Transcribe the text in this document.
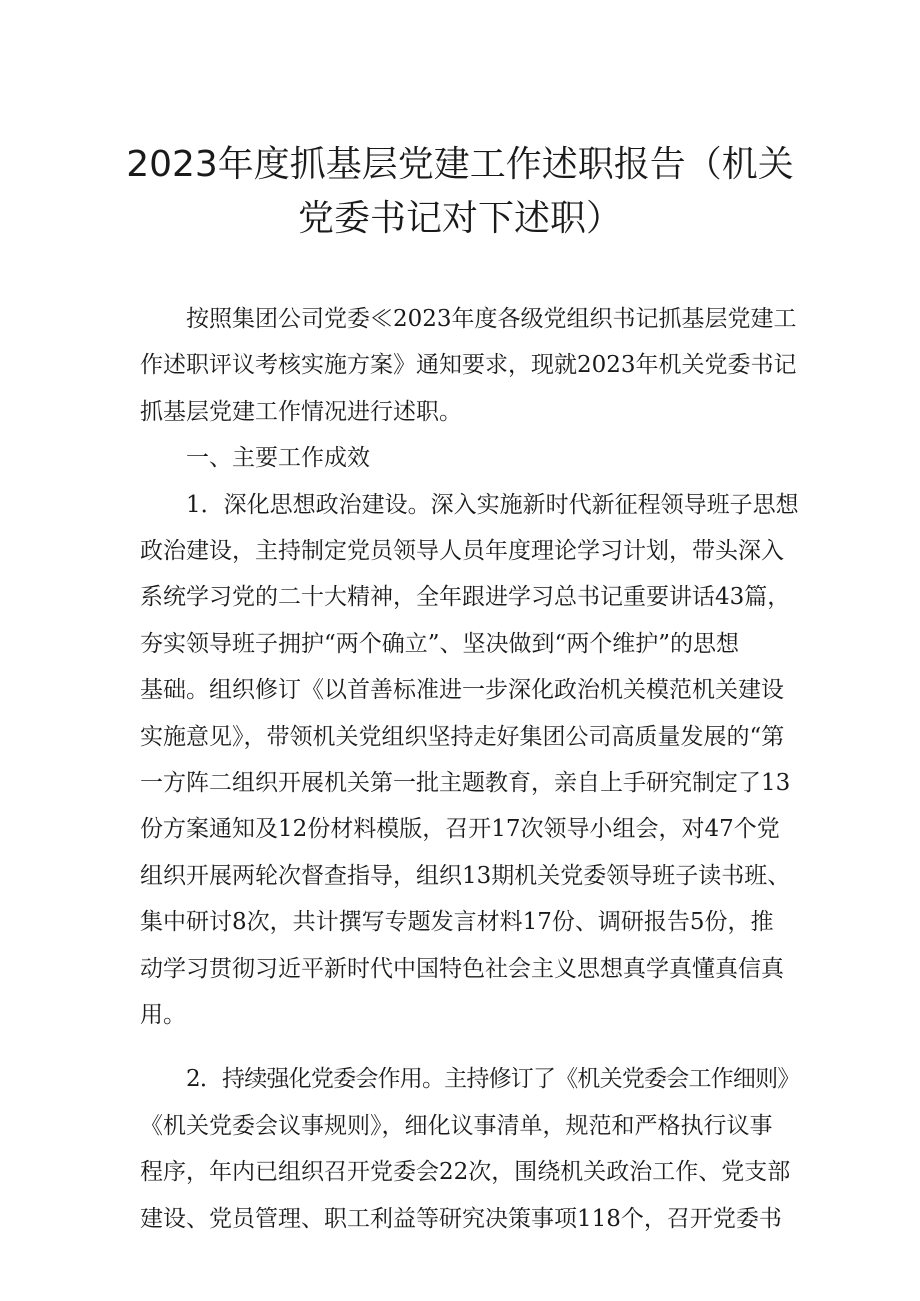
2023年度抓基层党建工作述职报告（机关
党委书记对下述职）
按照集团公司党委≪2023年度各级党组织书记抓基层党建工
作述职评议考核实施方案》通知要求，现就2023年机关党委书记
抓基层党建工作情况进行述职。
一、主要工作成效
1．深化思想政治建设。深入实施新时代新征程领导班子思想
政治建设，主持制定党员领导人员年度理论学习计划，带头深入
系统学习党的二十大精神，全年跟进学习总书记重要讲话43篇，
夯实领导班子拥护“两个确立”、坚决做到“两个维护”的思想
基础。组织修订《以首善标准进一步深化政治机关模范机关建设
实施意见》，带领机关党组织坚持走好集团公司高质量发展的“第
一方阵二组织开展机关第一批主题教育，亲自上手研究制定了13
份方案通知及12份材料模版，召开17次领导小组会，对47个党
组织开展两轮次督查指导，组织13期机关党委领导班子读书班、
集中研讨8次，共计撰写专题发言材料17份、调研报告5份，推
动学习贯彻习近平新时代中国特色社会主义思想真学真懂真信真
用。
2．持续强化党委会作用。主持修订了《机关党委会工作细则》
《机关党委会议事规则》，细化议事清单，规范和严格执行议事
程序，年内已组织召开党委会22次，围绕机关政治工作、党支部
建设、党员管理、职工利益等研究决策事项118个，召开党委书
